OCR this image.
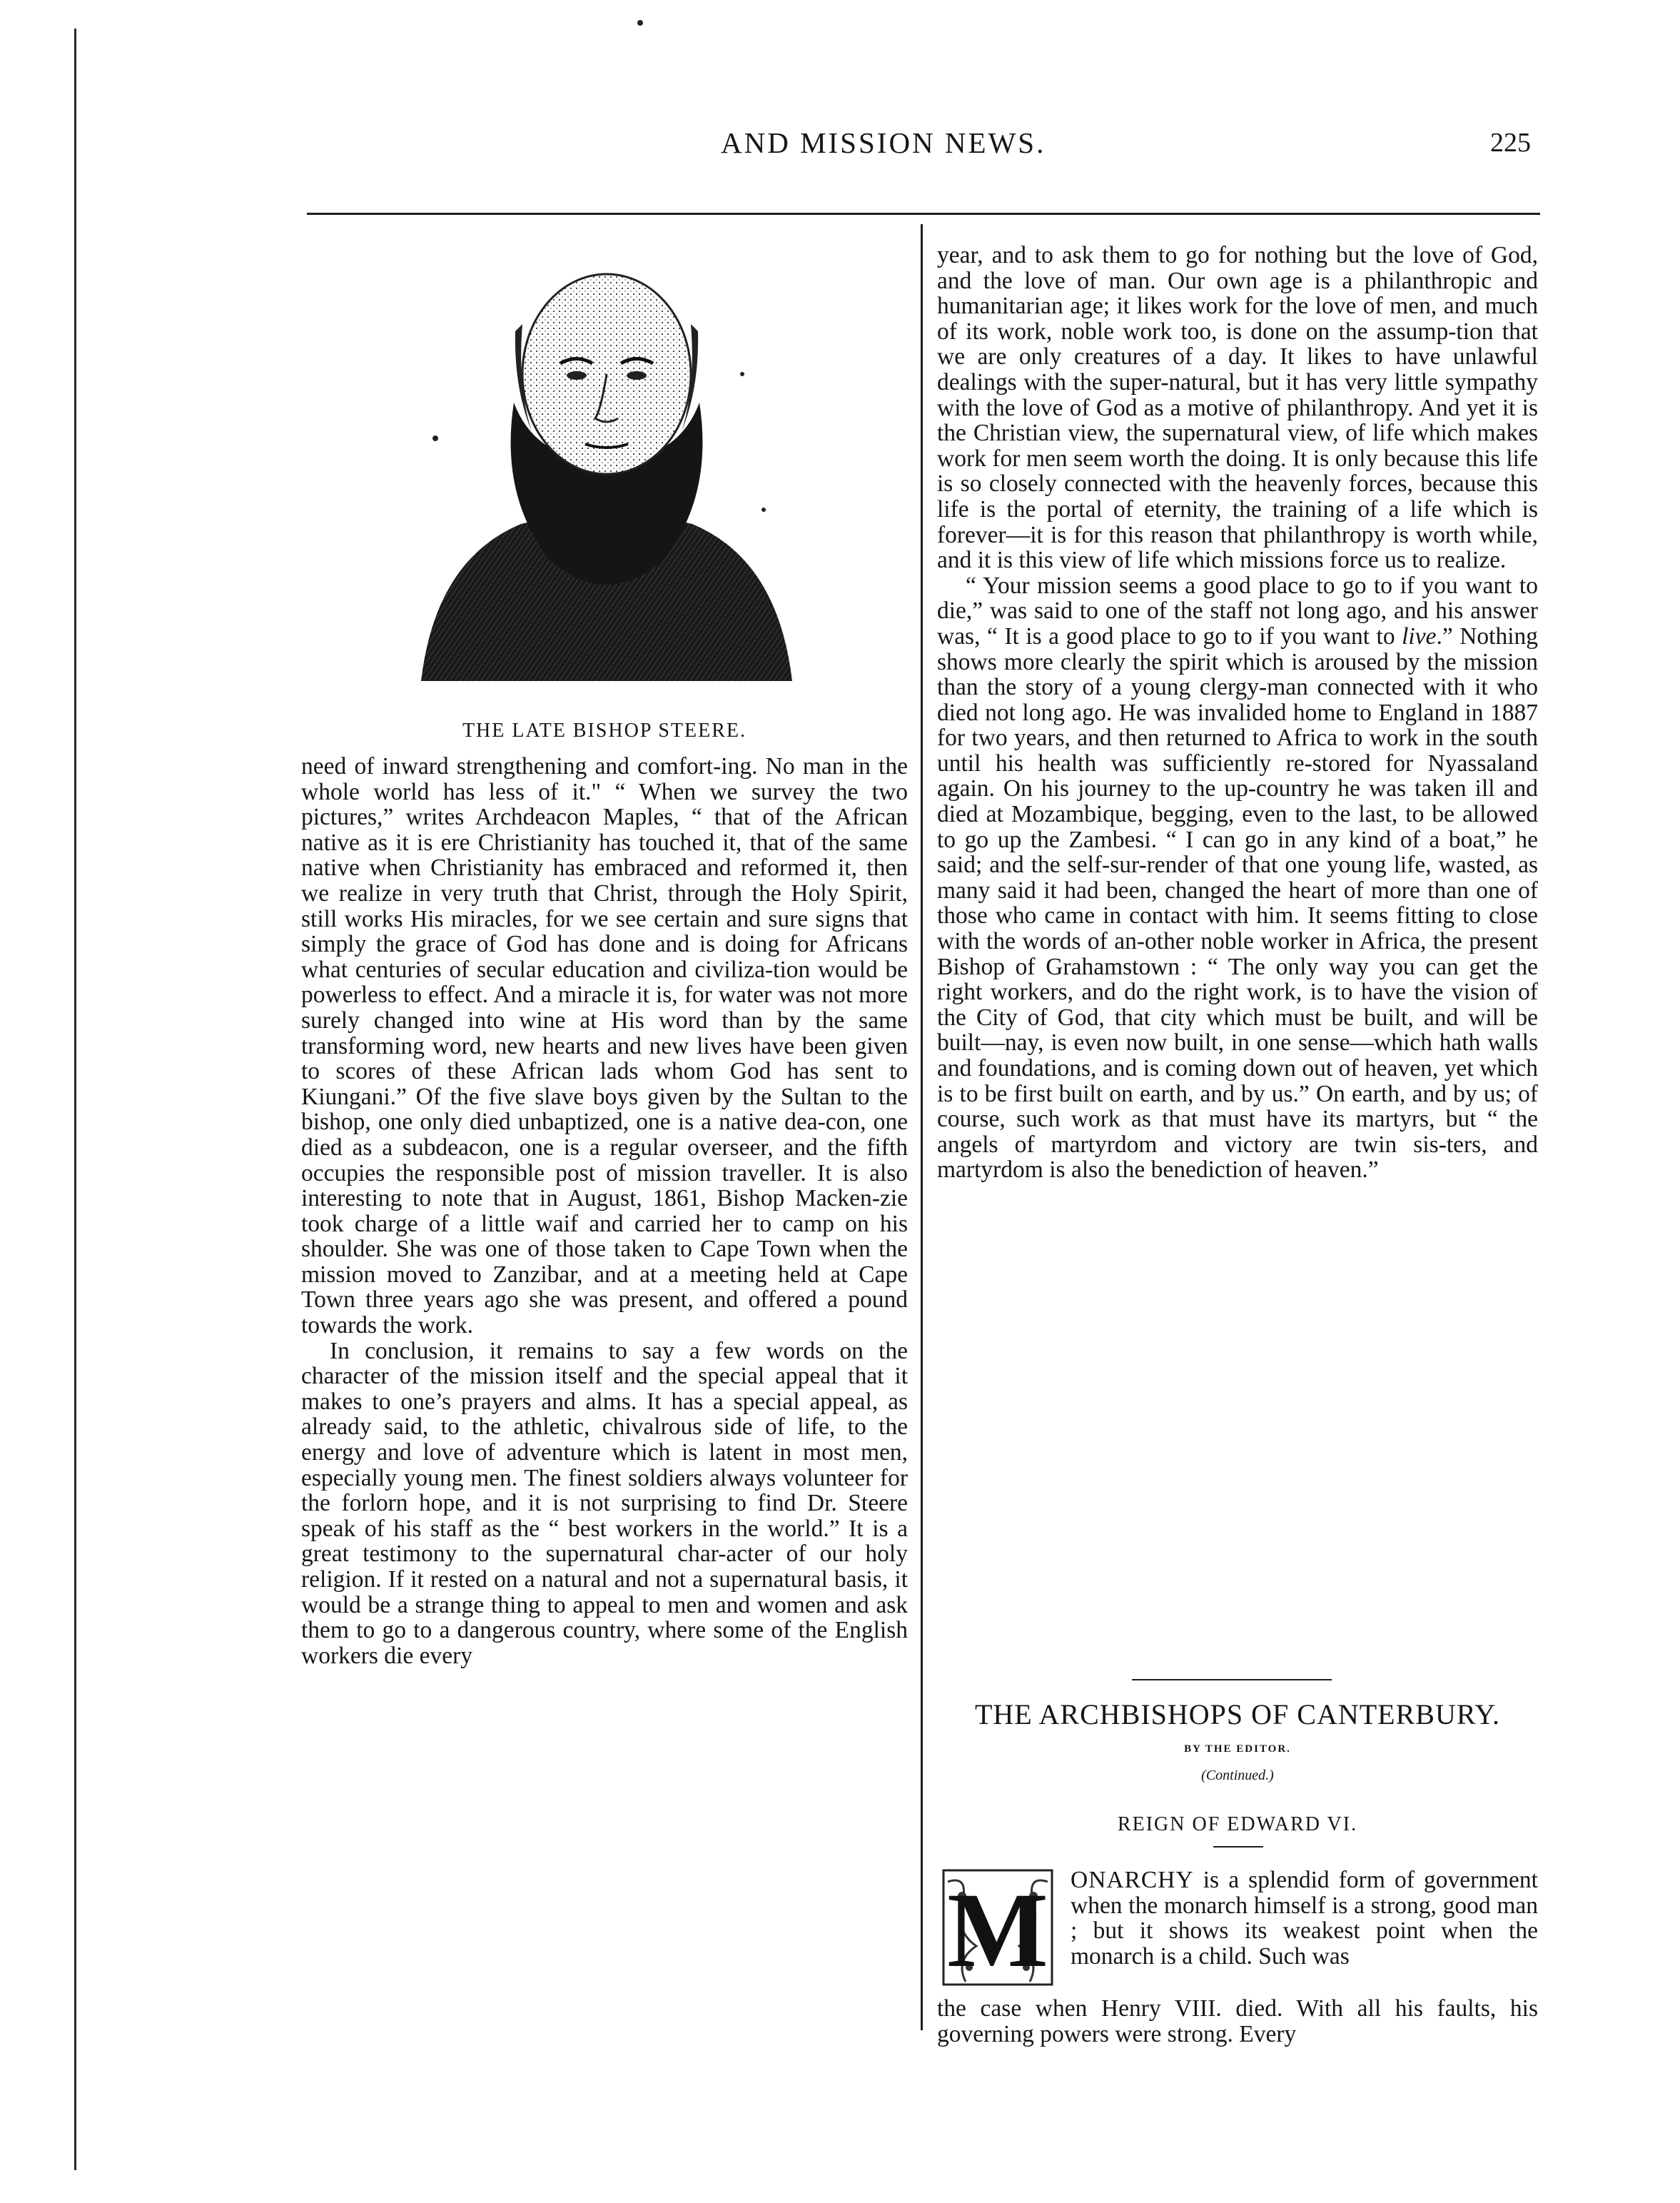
AND MISSION NEWS.	225
THE LATE BISHOP STEERE.

need of inward strengthening and comfort-ing. No man in the whole world has less of it." “ When we survey the two pictures,” writes Archdeacon Maples, “ that of the African native as it is ere Christianity has touched it, that of the same native when Christianity has embraced and reformed it, then we realize in very truth that Christ, through the Holy Spirit, still works His miracles, for we see certain and sure signs that simply the grace of God has done and is doing for Africans what centuries of secular education and civiliza-tion would be powerless to effect. And a miracle it is, for water was not more surely changed into wine at His word than by the same transforming word, new hearts and new lives have been given to scores of these African lads whom God has sent to Kiungani.” Of the five slave boys given by the Sultan to the bishop, one only died unbaptized, one is a native dea-con, one died as a subdeacon, one is a regular overseer, and the fifth occupies the responsible post of mission traveller. It is also interesting to note that in August, 1861, Bishop Macken-zie took charge of a little waif and carried her to camp on his shoulder. She was one of those taken to Cape Town when the mission moved to Zanzibar, and at a meeting held at Cape Town three years ago she was present, and offered a pound towards the work.

In conclusion, it remains to say a few words on the character of the mission itself and the special appeal that it makes to one’s prayers and alms. It has a special appeal, as already said, to the athletic, chivalrous side of life, to the energy and love of adventure which is latent in most men, especially young men. The finest soldiers always volunteer for the forlorn hope, and it is not surprising to find Dr. Steere speak of his staff as the “ best workers in the world.” It is a great testimony to the supernatural char-acter of our holy religion. If it rested on a natural and not a supernatural basis, it would be a strange thing to appeal to men and women and ask them to go to a dangerous country, where some of the English workers die every

year, and to ask them to go for nothing but the love of God, and the love of man. Our own age is a philanthropic and humanitarian age; it likes work for the love of men, and much of its work, noble work too, is done on the assump-tion that we are only creatures of a day. It likes to have unlawful dealings with the super-natural, but it has very little sympathy with the love of God as a motive of philanthropy. And yet it is the Christian view, the supernatural view, of life which makes work for men seem worth the doing. It is only because this life is so closely connected with the heavenly forces, because this life is the portal of eternity, the training of a life which is forever—it is for this reason that philanthropy is worth while, and it is this view of life which missions force us to realize.

“ Your mission seems a good place to go to if you want to die,” was said to one of the staff not long ago, and his answer was, “ It is a good place to go to if you want to live.” Nothing shows more clearly the spirit which is aroused by the mission than the story of a young clergy-man connected with it who died not long ago. He was invalided home to England in 1887 for two years, and then returned to Africa to work in the south until his health was sufficiently re-stored for Nyassaland again. On his journey to the up-country he was taken ill and died at Mozambique, begging, even to the last, to be allowed to go up the Zambesi. “ I can go in any kind of a boat,” he said; and the self-sur-render of that one young life, wasted, as many said it had been, changed the heart of more than one of those who came in contact with him. It seems fitting to close with the words of an-other noble worker in Africa, the present Bishop of Grahamstown : “ The only way you can get the right workers, and do the right work, is to have the vision of the City of God, that city which must be built, and will be built—nay, is even now built, in one sense—which hath walls and foundations, and is coming down out of heaven, yet which is to be first built on earth, and by us.” On earth, and by us; of course, such work as that must have its martyrs, but “ the angels of martyrdom and victory are twin sis-ters, and martyrdom is also the benediction of heaven.”

THE ARCHBISHOPS OF CANTERBURY.
BY THE EDITOR.
(Continued.)
REIGN OF EDWARD VI.
M ONARCHY is a splendid form of government when the monarch himself is a strong, good man ; but it shows its weakest point when the monarch is a child. Such was
the case when Henry VIII. died. With all his faults, his governing powers were strong. Every
